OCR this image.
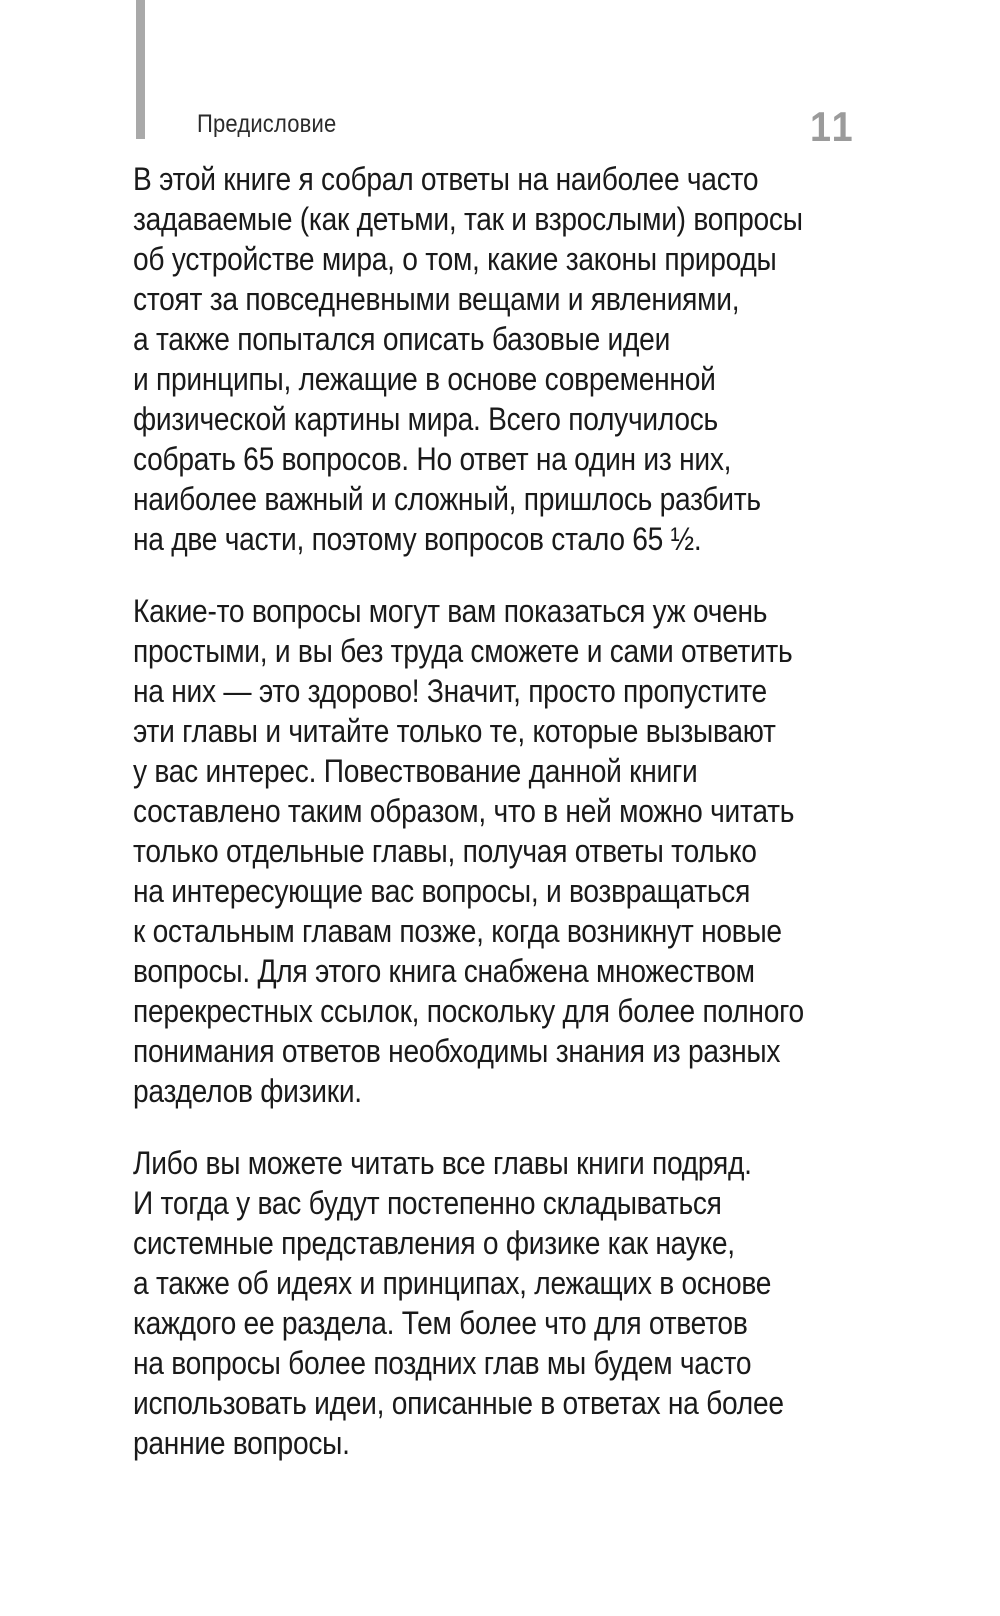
Предисловие	11
В этой книге я собрал ответы на наиболее часто
задаваемые (как детьми, так и взрослыми) вопросы
об устройстве мира, о том, какие законы природы
стоят за повседневными вещами и явлениями,
а также попытался описать базовые идеи
и принципы, лежащие в основе современной
физической картины мира. Всего получилось
собрать 65 вопросов. Но ответ на один из них,
наиболее важный и сложный, пришлось разбить
на две части, поэтому вопросов стало 65 ½.
Какие-то вопросы могут вам показаться уж очень
простыми, и вы без труда сможете и сами ответить
на них — это здорово! Значит, просто пропустите
эти главы и читайте только те, которые вызывают
у вас интерес. Повествование данной книги
составлено таким образом, что в ней можно читать
только отдельные главы, получая ответы только
на интересующие вас вопросы, и возвращаться
к остальным главам позже, когда возникнут новые
вопросы. Для этого книга снабжена множеством
перекрестных ссылок, поскольку для более полного
понимания ответов необходимы знания из разных
разделов физики.
Либо вы можете читать все главы книги подряд.
И тогда у вас будут постепенно складываться
системные представления о физике как науке,
а также об идеях и принципах, лежащих в основе
каждого ее раздела. Тем более что для ответов
на вопросы более поздних глав мы будем часто
использовать идеи, описанные в ответах на более
ранние вопросы.
